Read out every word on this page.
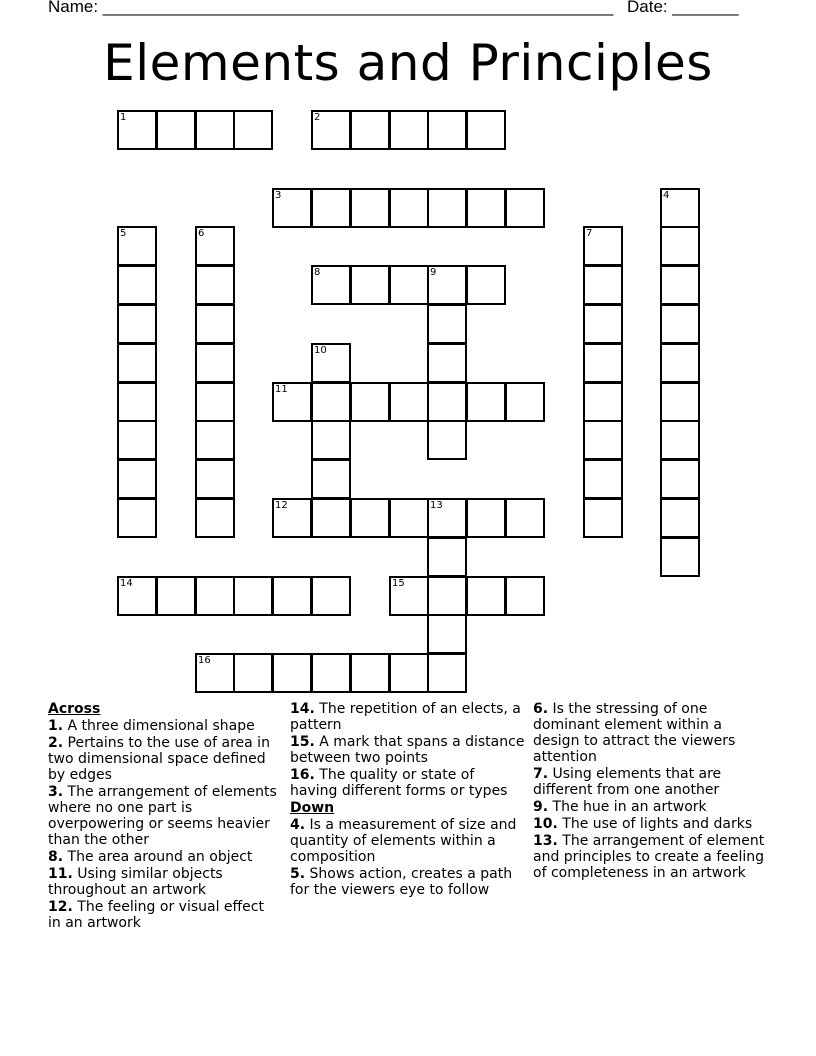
Name: ______________________________________________________ Date: _______
Elements and Principles
1	2
3	4
5	6	7
8	9
10
11
12	13
14	15
16

Across

1. A three dimensional shape

2. Pertains to the use of area in two dimensional space defined by edges

3. The arrangement of elements where no one part is overpowering or seems heavier than the other

8. The area around an object

11. Using similar objects throughout an artwork

12. The feeling or visual effect in an artwork

14. The repetition of an elects, a pattern

15. A mark that spans a distance between two points

16. The quality or state of having different forms or types

Down

4. Is a measurement of size and quantity of elements within a composition

5. Shows action, creates a path for the viewers eye to follow

6. Is the stressing of one dominant element within a design to attract the viewers attention

7. Using elements that are different from one another

9. The hue in an artwork

10. The use of lights and darks

13. The arrangement of element and principles to create a feeling of completeness in an artwork
